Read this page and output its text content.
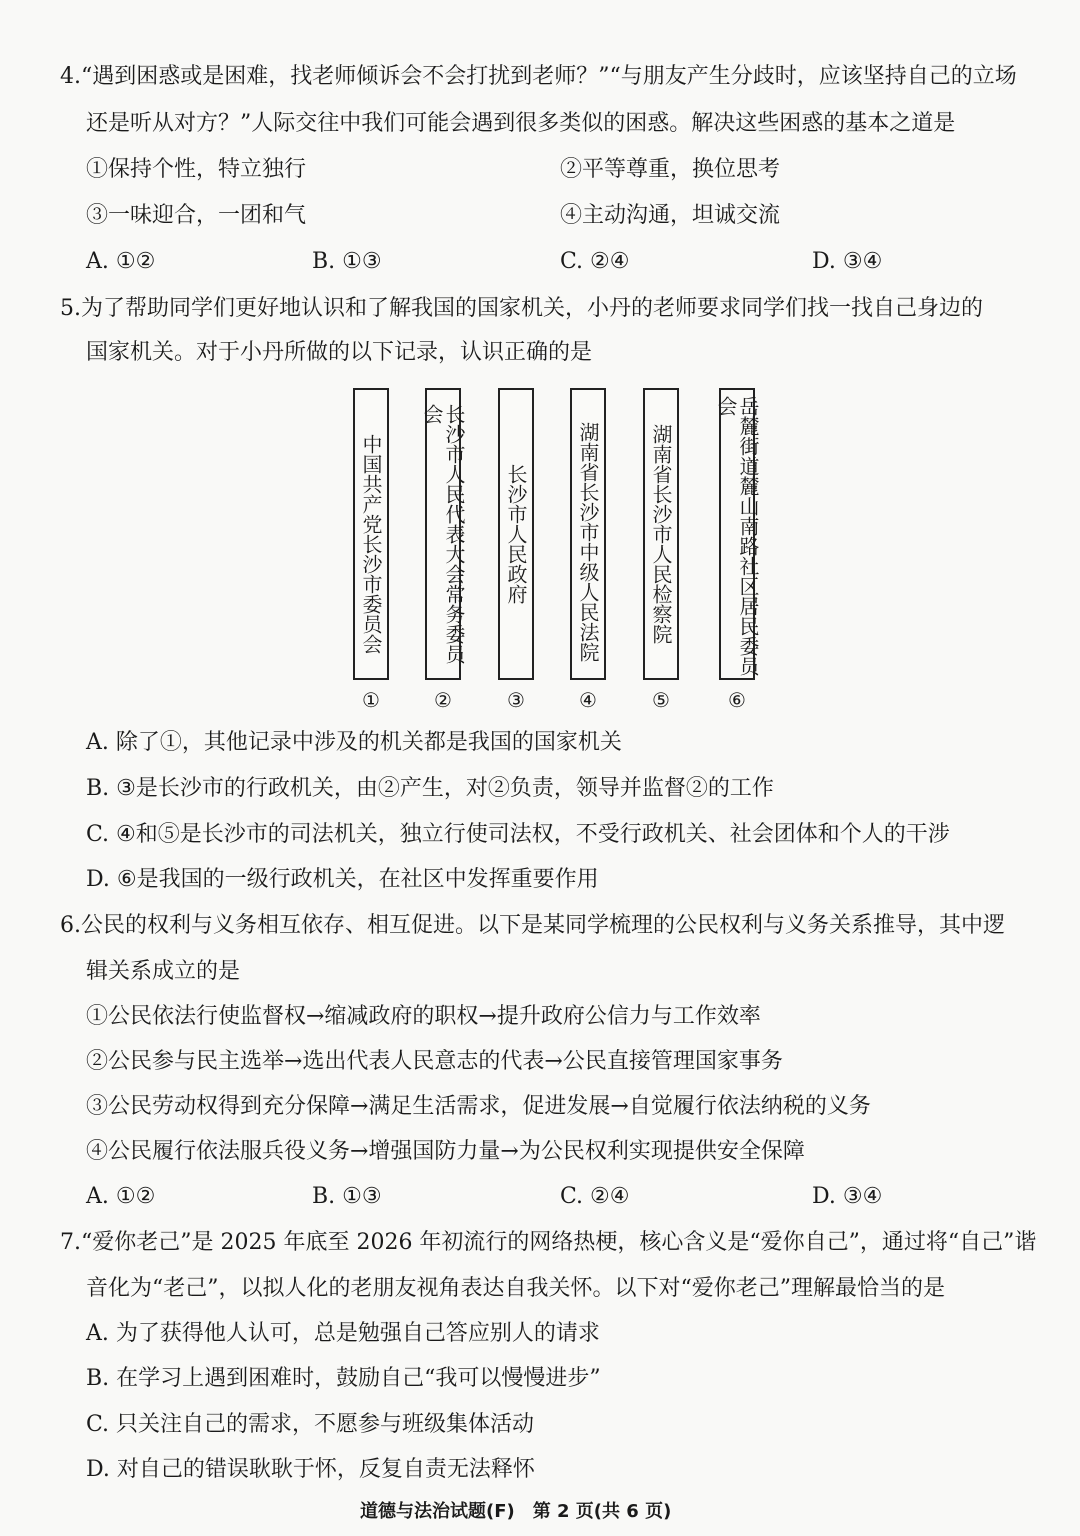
4.“遇到困惑或是困难，找老师倾诉会不会打扰到老师？”“与朋友产生分歧时，应该坚持自己的立场
还是听从对方？”人际交往中我们可能会遇到很多类似的困惑。解决这些困惑的基本之道是
①保持个性，特立独行	②平等尊重，换位思考
③一味迎合，一团和气	④主动沟通，坦诚交流
A. ①②	B. ①③	C. ②④	D. ③④
5.为了帮助同学们更好地认识和了解我国的国家机关，小丹的老师要求同学们找一找自己身边的
国家机关。对于小丹所做的以下记录，认识正确的是
中国共产党长沙市委员会	长沙市人民代表大会常务委员会
长沙市人民政府 湖南省长沙市中级人民法院 湖南省长沙市人民检察院	岳麓街道麓山南路社区居民委员会
①	②	③	④	⑤	⑥
A. 除了①，其他记录中涉及的机关都是我国的国家机关
B. ③是长沙市的行政机关，由②产生，对②负责，领导并监督②的工作
C. ④和⑤是长沙市的司法机关，独立行使司法权，不受行政机关、社会团体和个人的干涉
D. ⑥是我国的一级行政机关，在社区中发挥重要作用
6.公民的权利与义务相互依存、相互促进。以下是某同学梳理的公民权利与义务关系推导，其中逻
辑关系成立的是
①公民依法行使监督权→缩减政府的职权→提升政府公信力与工作效率
②公民参与民主选举→选出代表人民意志的代表→公民直接管理国家事务
③公民劳动权得到充分保障→满足生活需求，促进发展→自觉履行依法纳税的义务
④公民履行依法服兵役义务→增强国防力量→为公民权利实现提供安全保障
A. ①②	B. ①③	C. ②④	D. ③④
7.“爱你老己”是 2025 年底至 2026 年初流行的网络热梗，核心含义是“爱你自己”，通过将“自己”谐
音化为“老己”，以拟人化的老朋友视角表达自我关怀。以下对“爱你老己”理解最恰当的是
A. 为了获得他人认可，总是勉强自己答应别人的请求
B. 在学习上遇到困难时，鼓励自己“我可以慢慢进步”
C. 只关注自己的需求，不愿参与班级集体活动
D. 对自己的错误耿耿于怀，反复自责无法释怀
道德与法治试题(F)　第 2 页(共 6 页)
